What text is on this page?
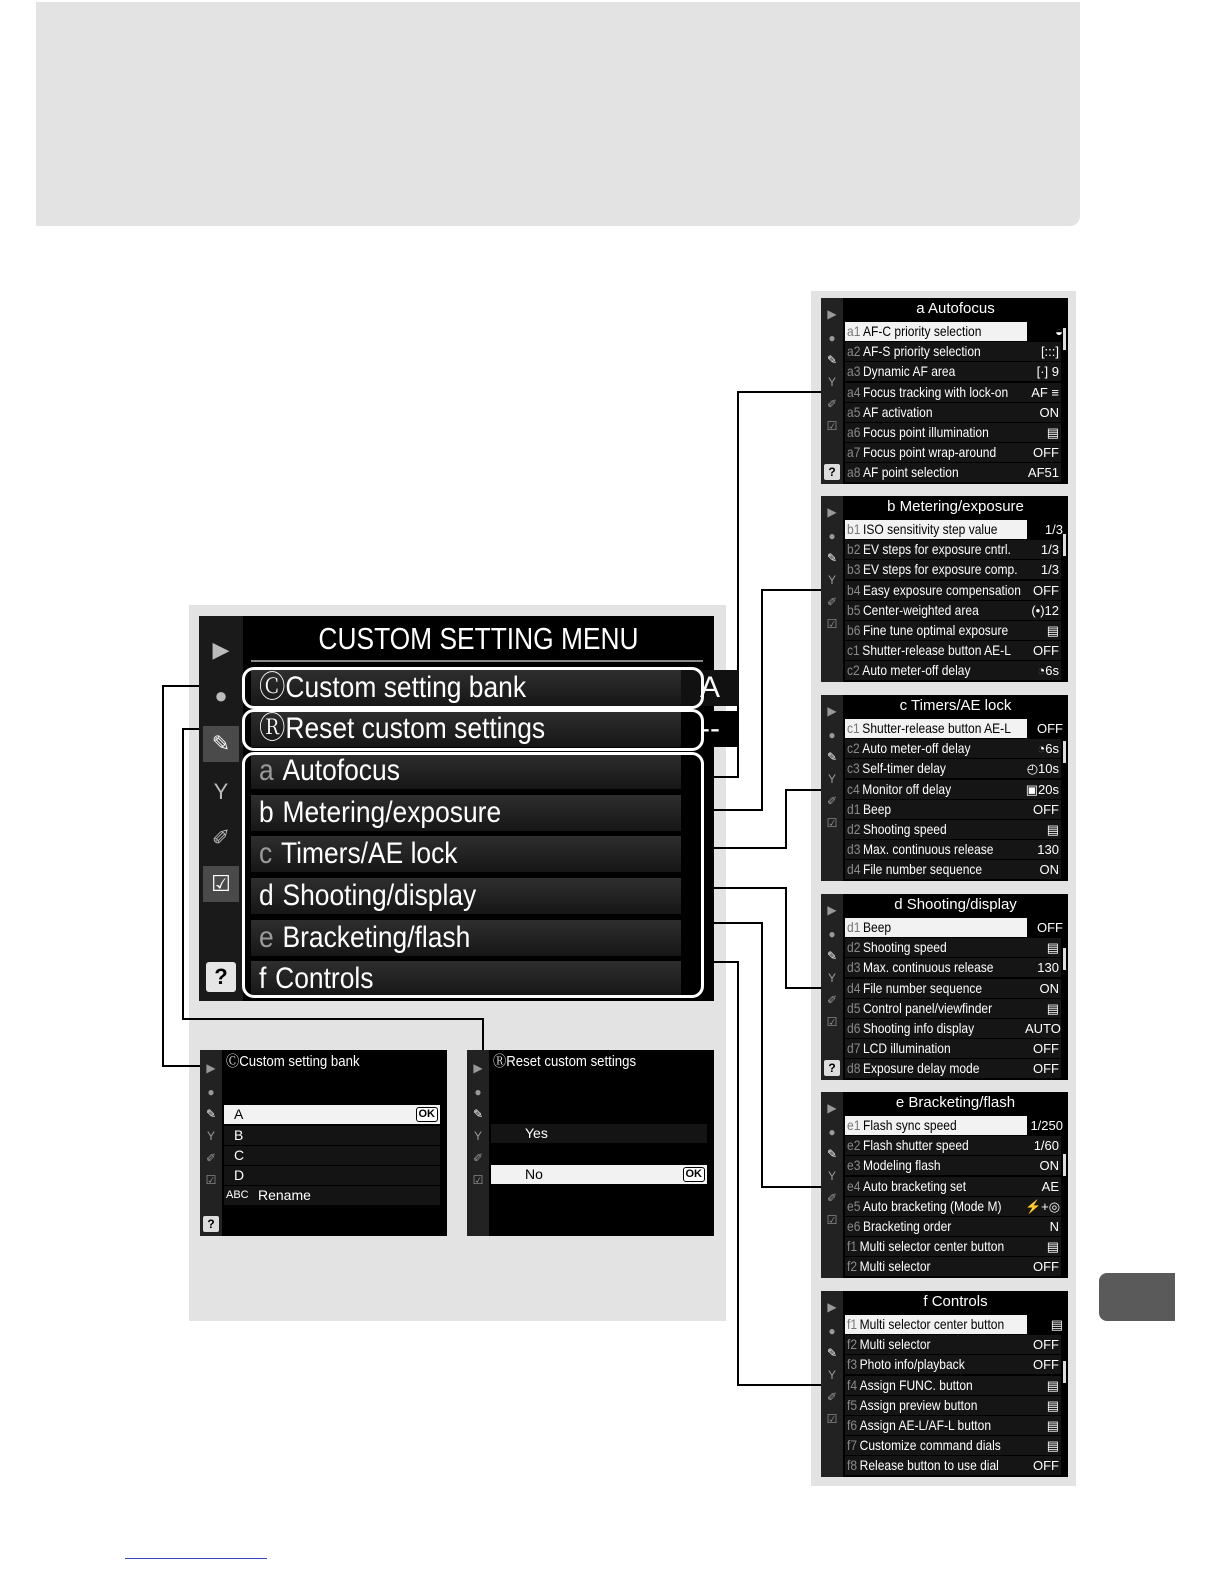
▶
●
✎
Y
✐
☑
?
CUSTOM SETTING MENU
ⒸCustom setting bank	A
ⓇReset custom settings	--
a Autofocus
b Metering/exposure
c Timers/AE lock
d Shooting/display
e Bracketing/flash
f Controls
▶
●
✎
Y
✐
☑
?
ⒸCustom setting bank
A	OK
B
C
D
ABC Rename
▶
●
✎
Y
✐
☑
ⓇReset custom settings
Yes
No	OK
▶
●
✎
Y
✐
☑
?
a Autofocus
a1 AF-C priority selection	◒
a2 AF-S priority selection	[:::]
a3 Dynamic AF area	[·] 9
a4 Focus tracking with lock-on	AF ≡
a5 AF activation	ON
a6 Focus point illumination	▤
a7 Focus point wrap-around	OFF
a8 AF point selection	AF51
▶
●
✎
Y
✐
☑
b Metering/exposure
b1 ISO sensitivity step value	1/3
b2 EV steps for exposure cntrl.	1/3
b3 EV steps for exposure comp.	1/3
b4 Easy exposure compensation OFF
b5 Center-weighted area	(•)12
b6 Fine tune optimal exposure	▤
c1 Shutter-release button AE-L	OFF
c2 Auto meter-off delay	◔6s
▶
●
✎
Y
✐
☑
c Timers/AE lock
c1 Shutter-release button AE-L	OFF
c2 Auto meter-off delay	◔6s
c3 Self-timer delay	◴10s
c4 Monitor off delay	▣20s
d1 Beep	OFF
d2 Shooting speed	▤
d3 Max. continuous release	130
d4 File number sequence	ON
▶
●
✎
Y
✐
☑
?
d Shooting/display
d1 Beep	OFF
d2 Shooting speed	▤
d3 Max. continuous release	130
d4 File number sequence	ON
d5 Control panel/viewfinder	▤
d6 Shooting info display	AUTO
d7 LCD illumination	OFF
d8 Exposure delay mode	OFF
▶
●
✎
Y
✐
☑
e Bracketing/flash
e1 Flash sync speed	1/250
e2 Flash shutter speed	1/60
e3 Modeling flash	ON
e4 Auto bracketing set	AE
e5 Auto bracketing (Mode M) ⚡+◎
e6 Bracketing order	N
f1 Multi selector center button	▤
f2 Multi selector	OFF
▶
●
✎
Y
✐
☑
f Controls
f1 Multi selector center button	▤
f2 Multi selector	OFF
f3 Photo info/playback	OFF
f4 Assign FUNC. button	▤
f5 Assign preview button	▤
f6 Assign AE-L/AF-L button	▤
f7 Customize command dials	▤
f8 Release button to use dial	OFF
